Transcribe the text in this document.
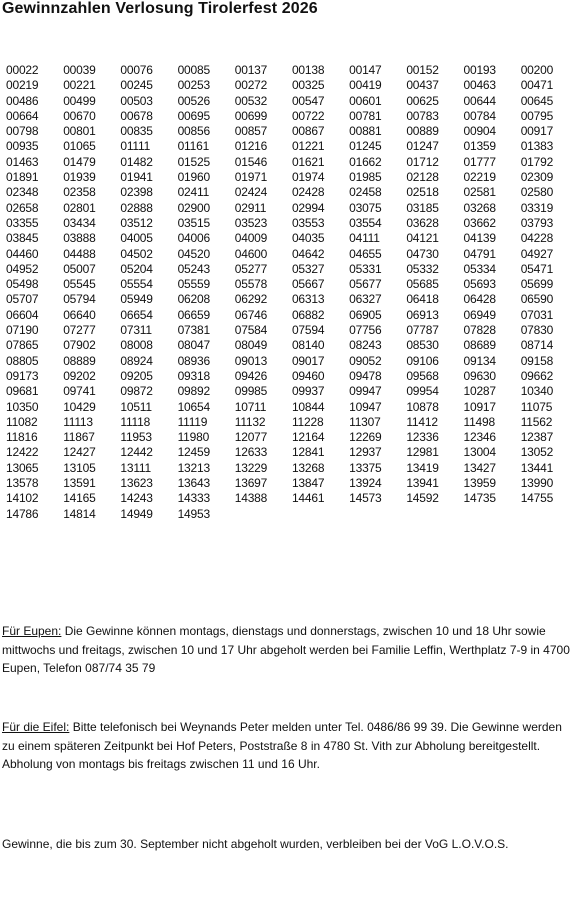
Gewinnzahlen Verlosung Tirolerfest 2026
00022	00039	00076	00085	00137	00138	00147	00152	00193	00200
00219	00221	00245	00253	00272	00325	00419	00437	00463	00471
00486	00499	00503	00526	00532	00547	00601	00625	00644	00645
00664	00670	00678	00695	00699	00722	00781	00783	00784	00795
00798	00801	00835	00856	00857	00867	00881	00889	00904	00917
00935	01065	01111	01161	01216	01221	01245	01247	01359	01383
01463	01479	01482	01525	01546	01621	01662	01712	01777	01792
01891	01939	01941	01960	01971	01974	01985	02128	02219	02309
02348	02358	02398	02411	02424	02428	02458	02518	02581	02580
02658	02801	02888	02900	02911	02994	03075	03185	03268	03319
03355	03434	03512	03515	03523	03553	03554	03628	03662	03793
03845	03888	04005	04006	04009	04035	04111	04121	04139	04228
04460	04488	04502	04520	04600	04642	04655	04730	04791	04927
04952	05007	05204	05243	05277	05327	05331	05332	05334	05471
05498	05545	05554	05559	05578	05667	05677	05685	05693	05699
05707	05794	05949	06208	06292	06313	06327	06418	06428	06590
06604	06640	06654	06659	06746	06882	06905	06913	06949	07031
07190	07277	07311	07381	07584	07594	07756	07787	07828	07830
07865	07902	08008	08047	08049	08140	08243	08530	08689	08714
08805	08889	08924	08936	09013	09017	09052	09106	09134	09158
09173	09202	09205	09318	09426	09460	09478	09568	09630	09662
09681	09741	09872	09892	09985	09937	09947	09954	10287	10340
10350	10429	10511	10654	10711	10844	10947	10878	10917	11075
11082	11113	11118	11119	11132	11228	11307	11412	11498	11562
11816	11867	11953	11980	12077	12164	12269	12336	12346	12387
12422	12427	12442	12459	12633	12841	12937	12981	13004	13052
13065	13105	13111	13213	13229	13268	13375	13419	13427	13441
13578	13591	13623	13643	13697	13847	13924	13941	13959	13990
14102	14165	14243	14333	14388	14461	14573	14592	14735	14755
14786	14814	14949	14953
Für Eupen: Die Gewinne können montags, dienstags und donnerstags, zwischen 10 und 18 Uhr sowie mittwochs und freitags, zwischen 10 und 17 Uhr abgeholt werden bei Familie Leffin, Werthplatz 7-9 in 4700 Eupen, Telefon 087/74 35 79
Für die Eifel: Bitte telefonisch bei Weynands Peter melden unter Tel. 0486/86 99 39. Die Gewinne werden zu einem späteren Zeitpunkt bei Hof Peters, Poststraße 8 in 4780 St. Vith zur Abholung bereitgestellt. Abholung von montags bis freitags zwischen 11 und 16 Uhr.
Gewinne, die bis zum 30. September nicht abgeholt wurden, verbleiben bei der VoG L.O.V.O.S.
